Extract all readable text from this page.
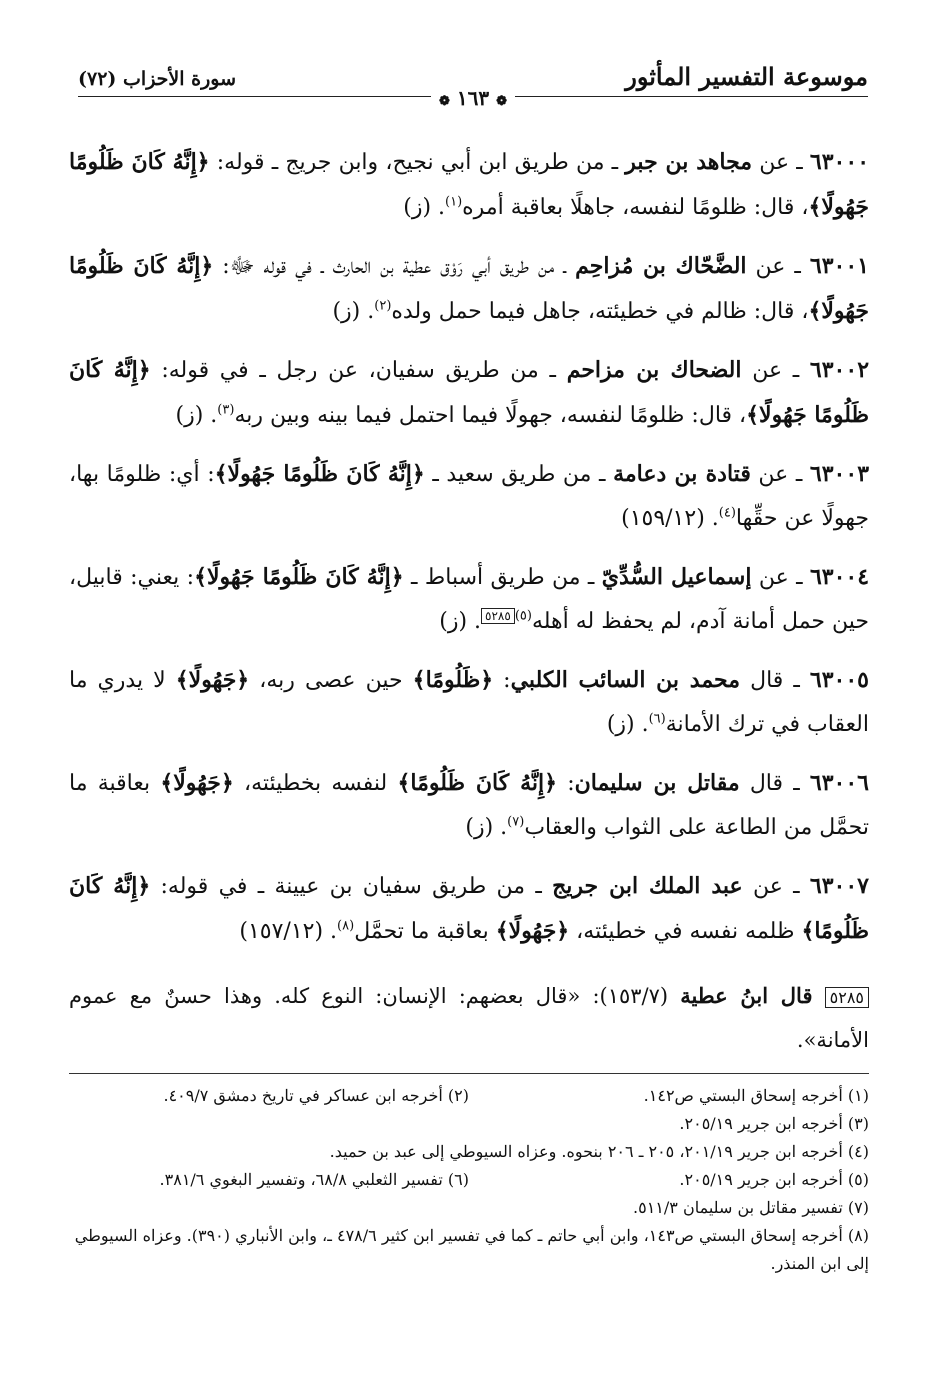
موسوعة التفسير المأثور
سورة الأحزاب (٧٢)
❁ ١٦٣ ❁

٦٣٠٠٠ ـ عن مجاهد بن جبر ـ من طريق ابن أبي نجيح، وابن جريج ـ قوله: ﴿إِنَّهُ كَانَ ظَلُومًا جَهُولًا﴾، قال: ظلومًا لنفسه، جاهلًا بعاقبة أمره$^{(١)}$. (ز)

٦٣٠٠١ ـ عن الضَّحّاك بن مُزاحِم ـ من طريق أبي رَوْق عطية بن الحارث ـ في قوله ﷻ: ﴿إِنَّهُ كَانَ ظَلُومًا جَهُولًا﴾، قال: ظالم في خطيئته، جاهل فيما حمل ولده$^{(٢)}$. (ز)

٦٣٠٠٢ ـ عن الضحاك بن مزاحم ـ من طريق سفيان، عن رجل ـ في قوله: ﴿إِنَّهُ كَانَ ظَلُومًا جَهُولًا﴾، قال: ظلومًا لنفسه، جهولًا فيما احتمل فيما بينه وبين ربه$^{(٣)}$. (ز)

٦٣٠٠٣ ـ عن قتادة بن دعامة ـ من طريق سعيد ـ ﴿إِنَّهُ كَانَ ظَلُومًا جَهُولًا﴾: أي: ظلومًا بها، جهولًا عن حقِّها$^{(٤)}$. (١٥٩/١٢)

٦٣٠٠٤ ـ عن إسماعيل السُّدِّيّ ـ من طريق أسباط ـ ﴿إِنَّهُ كَانَ ظَلُومًا جَهُولًا﴾: يعني: قابيل، حين حمل أمانة آدم، لم يحفظ له أهله$^{(٥)٥٢٨٥}$. (ز)

٦٣٠٠٥ ـ قال محمد بن السائب الكلبي: ﴿ظَلُومًا﴾ حين عصى ربه، ﴿جَهُولًا﴾ لا يدري ما العقاب في ترك الأمانة$^{(٦)}$. (ز)

٦٣٠٠٦ ـ قال مقاتل بن سليمان: ﴿إِنَّهُ كَانَ ظَلُومًا﴾ لنفسه بخطيئته، ﴿جَهُولًا﴾ بعاقبة ما تحمَّل من الطاعة على الثواب والعقاب$^{(٧)}$. (ز)

٦٣٠٠٧ ـ عن عبد الملك ابن جريج ـ من طريق سفيان بن عيينة ـ في قوله: ﴿إِنَّهُ كَانَ ظَلُومًا﴾ ظلمه نفسه في خطيئته، ﴿جَهُولًا﴾ بعاقبة ما تحمَّل$^{(٨)}$. (١٥٧/١٢)

٥٢٨٥ قال ابنُ عطية (١٥٣/٧): «قال بعضهم: الإنسان: النوع كله. وهذا حسنٌ مع عموم الأمانة».
(١) أخرجه إسحاق البستي ص١٤٢.
(٢) أخرجه ابن عساكر في تاريخ دمشق ٤٠٩/٧.
(٣) أخرجه ابن جرير ٢٠٥/١٩.
(٤) أخرجه ابن جرير ٢٠١/١٩، ٢٠٥ ـ ٢٠٦ بنحوه. وعزاه السيوطي إلى عبد بن حميد.
(٥) أخرجه ابن جرير ٢٠٥/١٩.
(٦) تفسير الثعلبي ٦٨/٨، وتفسير البغوي ٣٨١/٦.
(٧) تفسير مقاتل بن سليمان ٥١١/٣.
(٨) أخرجه إسحاق البستي ص١٤٣، وابن أبي حاتم ـ كما في تفسير ابن كثير ٤٧٨/٦ ـ، وابن الأنباري (٣٩٠). وعزاه السيوطي إلى ابن المنذر.
